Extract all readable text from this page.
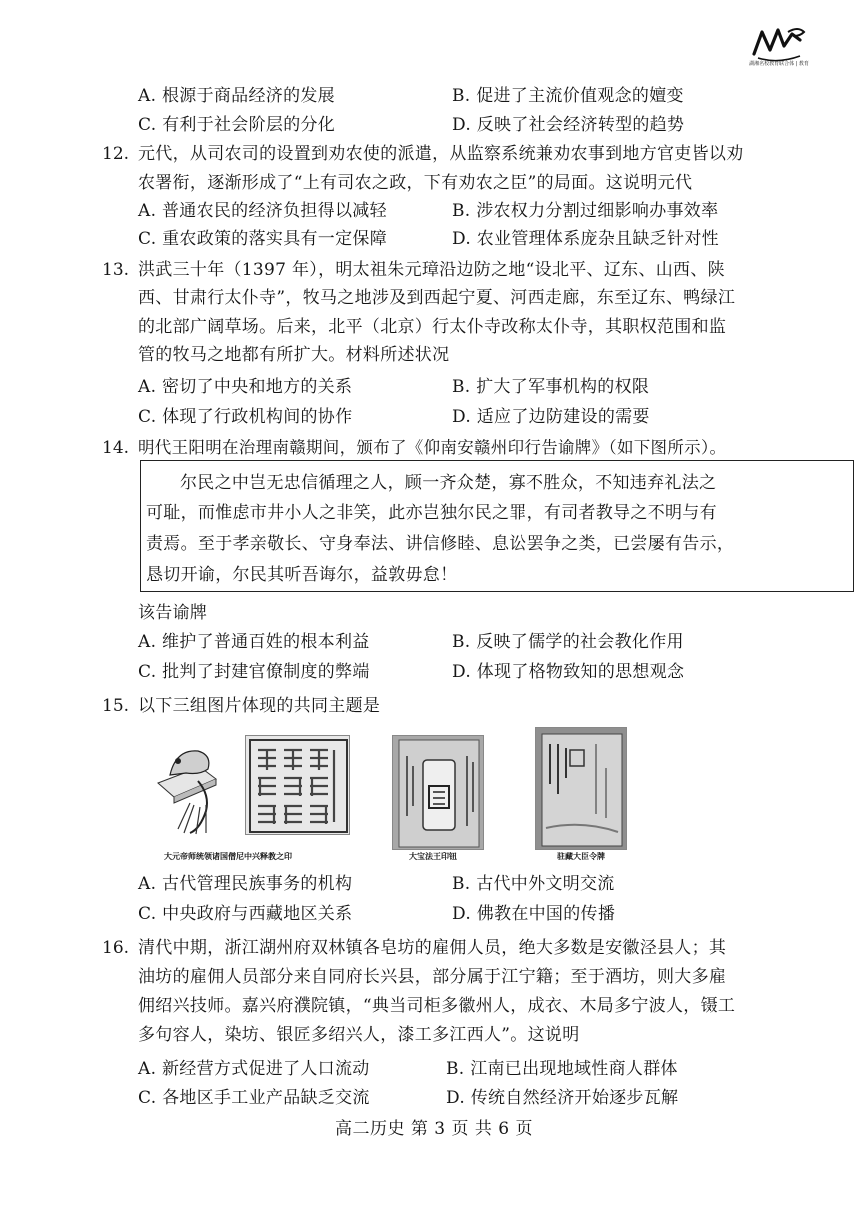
湖湘名校教育联合体 | 教育
A. 根源于商品经济的发展	B. 促进了主流价值观念的嬗变
C. 有利于社会阶层的分化	D. 反映了社会经济转型的趋势
12. 元代，从司农司的设置到劝农使的派遣，从监察系统兼劝农事到地方官吏皆以劝
农署衔，逐渐形成了“上有司农之政，下有劝农之臣”的局面。这说明元代
A. 普通农民的经济负担得以减轻	B. 涉农权力分割过细影响办事效率
C. 重农政策的落实具有一定保障	D. 农业管理体系庞杂且缺乏针对性
13. 洪武三十年（1397 年），明太祖朱元璋沿边防之地“设北平、辽东、山西、陕
西、甘肃行太仆寺”，牧马之地涉及到西起宁夏、河西走廊，东至辽东、鸭绿江
的北部广阔草场。后来，北平（北京）行太仆寺改称太仆寺，其职权范围和监
管的牧马之地都有所扩大。材料所述状况
A. 密切了中央和地方的关系	B. 扩大了军事机构的权限
C. 体现了行政机构间的协作	D. 适应了边防建设的需要
14. 明代王阳明在治理南赣期间，颁布了《仰南安赣州印行告谕牌》（如下图所示）。
尔民之中岂无忠信循理之人，顾一齐众楚，寡不胜众，不知违弃礼法之
可耻，而惟虑市井小人之非笑，此亦岂独尔民之罪，有司者教导之不明与有
责焉。至于孝亲敬长、守身奉法、讲信修睦、息讼罢争之类，已尝屡有告示，
恳切开谕，尔民其听吾诲尔，益敦毋怠！
该告谕牌
A. 维护了普通百姓的根本利益	B. 反映了儒学的社会教化作用
C. 批判了封建官僚制度的弊端	D. 体现了格物致知的思想观念
15. 以下三组图片体现的共同主题是
大元帝师统领诸国僧尼中兴释教之印	大宝法王印钮	驻藏大臣令牌
A. 古代管理民族事务的机构	B. 古代中外文明交流
C. 中央政府与西藏地区关系	D. 佛教在中国的传播
16. 清代中期，浙江湖州府双林镇各皂坊的雇佣人员，绝大多数是安徽泾县人；其
油坊的雇佣人员部分来自同府长兴县，部分属于江宁籍；至于酒坊，则大多雇
佣绍兴技师。嘉兴府濮院镇，“典当司柜多徽州人，成衣、木局多宁波人，镊工
多句容人，染坊、银匠多绍兴人，漆工多江西人”。这说明
A. 新经营方式促进了人口流动	B. 江南已出现地域性商人群体
C. 各地区手工业产品缺乏交流	D. 传统自然经济开始逐步瓦解
高二历史 第 3 页 共 6 页
